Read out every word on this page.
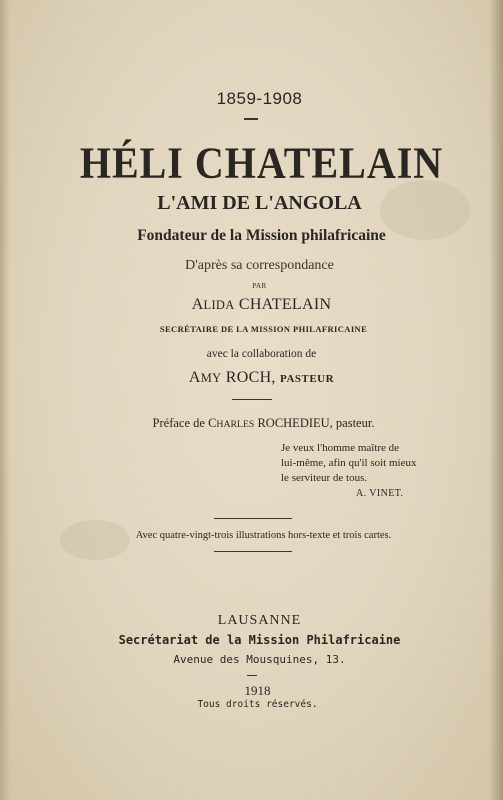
1859-1908
HÉLI CHATELAIN
L'AMI DE L'ANGOLA
Fondateur de la Mission philafricaine
D'après sa correspondance
PAR
ALIDA CHATELAIN
SECRÉTAIRE DE LA MISSION PHILAFRICAINE
avec la collaboration de
AMY ROCH, PASTEUR
Préface de CHARLES ROCHEDIEU, pasteur.
Je veux l'homme maître de
lui-même, afin qu'il soit mieux
le serviteur de tous.
A. VINET.
Avec quatre-vingt-trois illustrations hors-texte et trois cartes.
LAUSANNE
Secrétariat de la Mission Philafricaine
Avenue des Mousquines, 13.
1918
Tous droits réservés.
